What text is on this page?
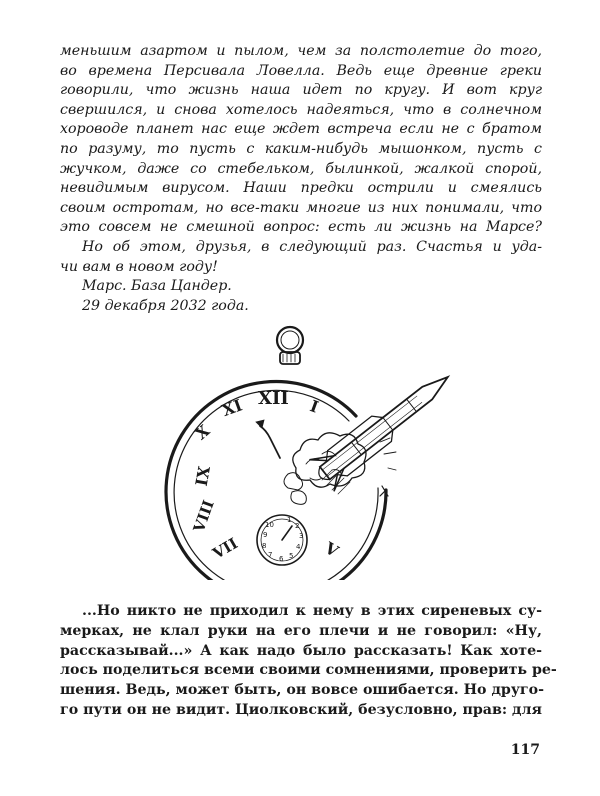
меньшим азартом и пылом, чем за полстолетие до того,
во времена Персивала Ловелла. Ведь еще древние греки
говорили, что жизнь наша идет по кругу. И вот круг
свершился, и снова хотелось надеяться, что в солнечном
хороводе планет нас еще ждет встреча если не с братом
по разуму, то пусть с каким-нибудь мышонком, пусть с
жучком, даже со стебельком, былинкой, жалкой спорой,
невидимым вирусом. Наши предки острили и смеялись
своим остротам, но все-таки многие из них понимали, что
это совсем не смешной вопрос: есть ли жизнь на Марсе?
Но об этом, друзья, в следующий раз. Счастья и уда-
чи вам в новом году!
Марс. База Цандер.
29 декабря 2032 года.
XII I
X
XI
IX
VIII
VII	V
8
7 6 5
4
3
2
1
9
10
...Но никто не приходил к нему в этих сиреневых су-
мерках, не клал руки на его плечи и не говорил: «Ну,
рассказывай...» А как надо было рассказать! Как хоте-
лось поделиться всеми своими сомнениями, проверить ре-
шения. Ведь, может быть, он вовсе ошибается. Но друго-
го пути он не видит. Циолковский, безусловно, прав: для
117
